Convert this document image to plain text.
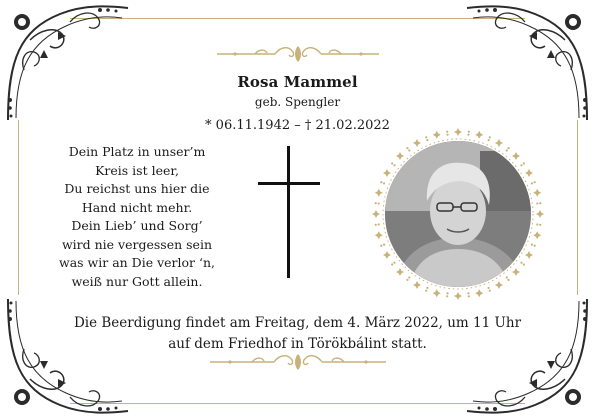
Rosa Mammel
geb. Spengler
* 06.11.1942 – † 21.02.2022
Dein Platz in unser’m
Kreis ist leer,
Du reichst uns hier die
Hand nicht mehr.
Dein Lieb’ und Sorg’
wird nie vergessen sein
was wir an Die verlor ‘n,
weiß nur Gott allein.
Die Beerdigung findet am Freitag, dem 4. März 2022, um 11 Uhr
auf dem Friedhof in Törökbálint statt.
